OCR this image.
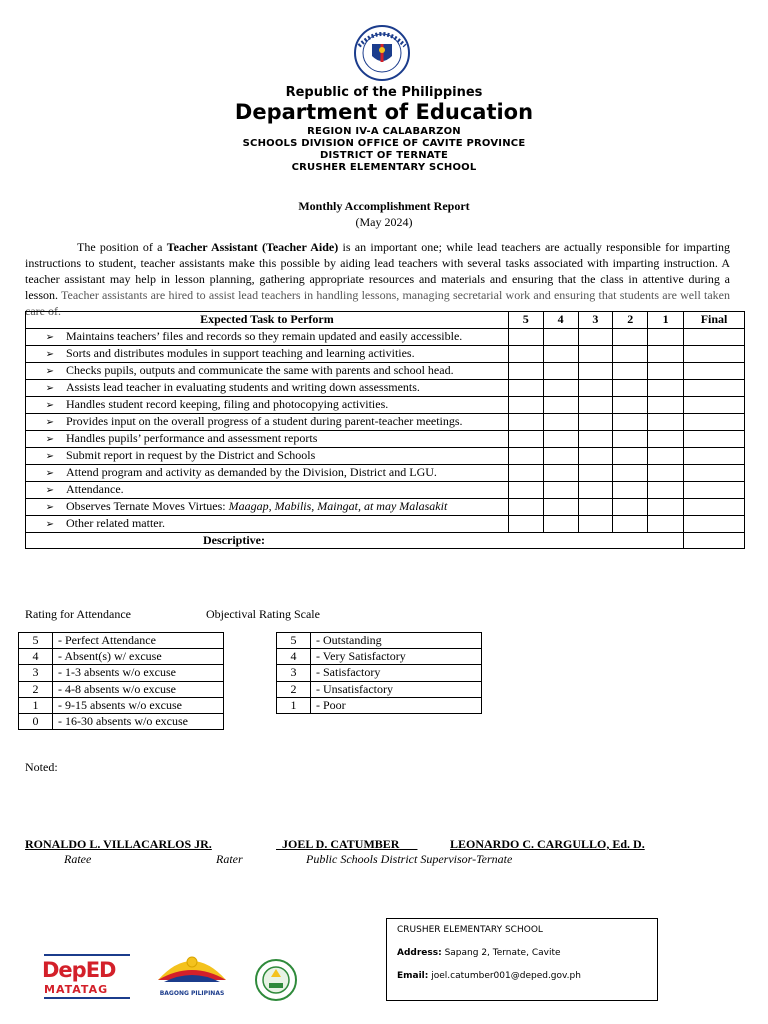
Republic of the Philippines
Department of Education
REGION IV-A CALABARZON
SCHOOLS DIVISION OFFICE OF CAVITE PROVINCE
DISTRICT OF TERNATE
CRUSHER ELEMENTARY SCHOOL
Monthly Accomplishment Report
(May 2024)
The position of a Teacher Assistant (Teacher Aide) is an important one; while lead teachers are actually responsible for imparting instructions to student, teacher assistants make this possible by aiding lead teachers with several tasks associated with imparting instruction. A teacher assistant may help in lesson planning, gathering appropriate resources and materials and ensuring that the class in attentive during a lesson. Teacher assistants are hired to assist lead teachers in handling lessons, managing secretarial work and ensuring that students are well taken care of.
Expected Task to Perform	5	4	3	2	1	Final
➢ Maintains teachers’ files and records so they remain updated and easily accessible.						
➢ Sorts and distributes modules in support teaching and learning activities.						
➢ Checks pupils, outputs and communicate the same with parents and school head.						
➢ Assists lead teacher in evaluating students and writing down assessments.						
➢ Handles student record keeping, filing and photocopying activities.						
➢ Provides input on the overall progress of a student during parent-teacher meetings.						
➢ Handles pupils’ performance and assessment reports						
➢ Submit report in request by the District and Schools						
➢ Attend program and activity as demanded by the Division, District and LGU.						
➢ Attendance.						
➢ Observes Ternate Moves Virtues: Maagap, Mabilis, Maingat, at may Malasakit						
➢ Other related matter.						
Descriptive:						
Rating for Attendance	Objectival Rating Scale
5	- Perfect Attendance
4	- Absent(s) w/ excuse
3	- 1-3 absents w/o excuse
2	- 4-8 absents w/o excuse
1	- 9-15 absents w/o excuse
0	- 16-30 absents w/o excuse
5	- Outstanding
4	- Very Satisfactory
3	- Satisfactory
2	- Unsatisfactory
1	- Poor
Noted:
RONALDO L. VILLACARLOS JR.
Ratee
JOEL D. CATUMBER
Rater
LEONARDO C. CARGULLO, Ed. D.
Public Schools District Supervisor-Ternate
DepED
MATATAG	BAGONG PILIPINAS
CRUSHER ELEMENTARY SCHOOL
Address: Sapang 2, Ternate, Cavite
Email: joel.catumber001@deped.gov.ph
